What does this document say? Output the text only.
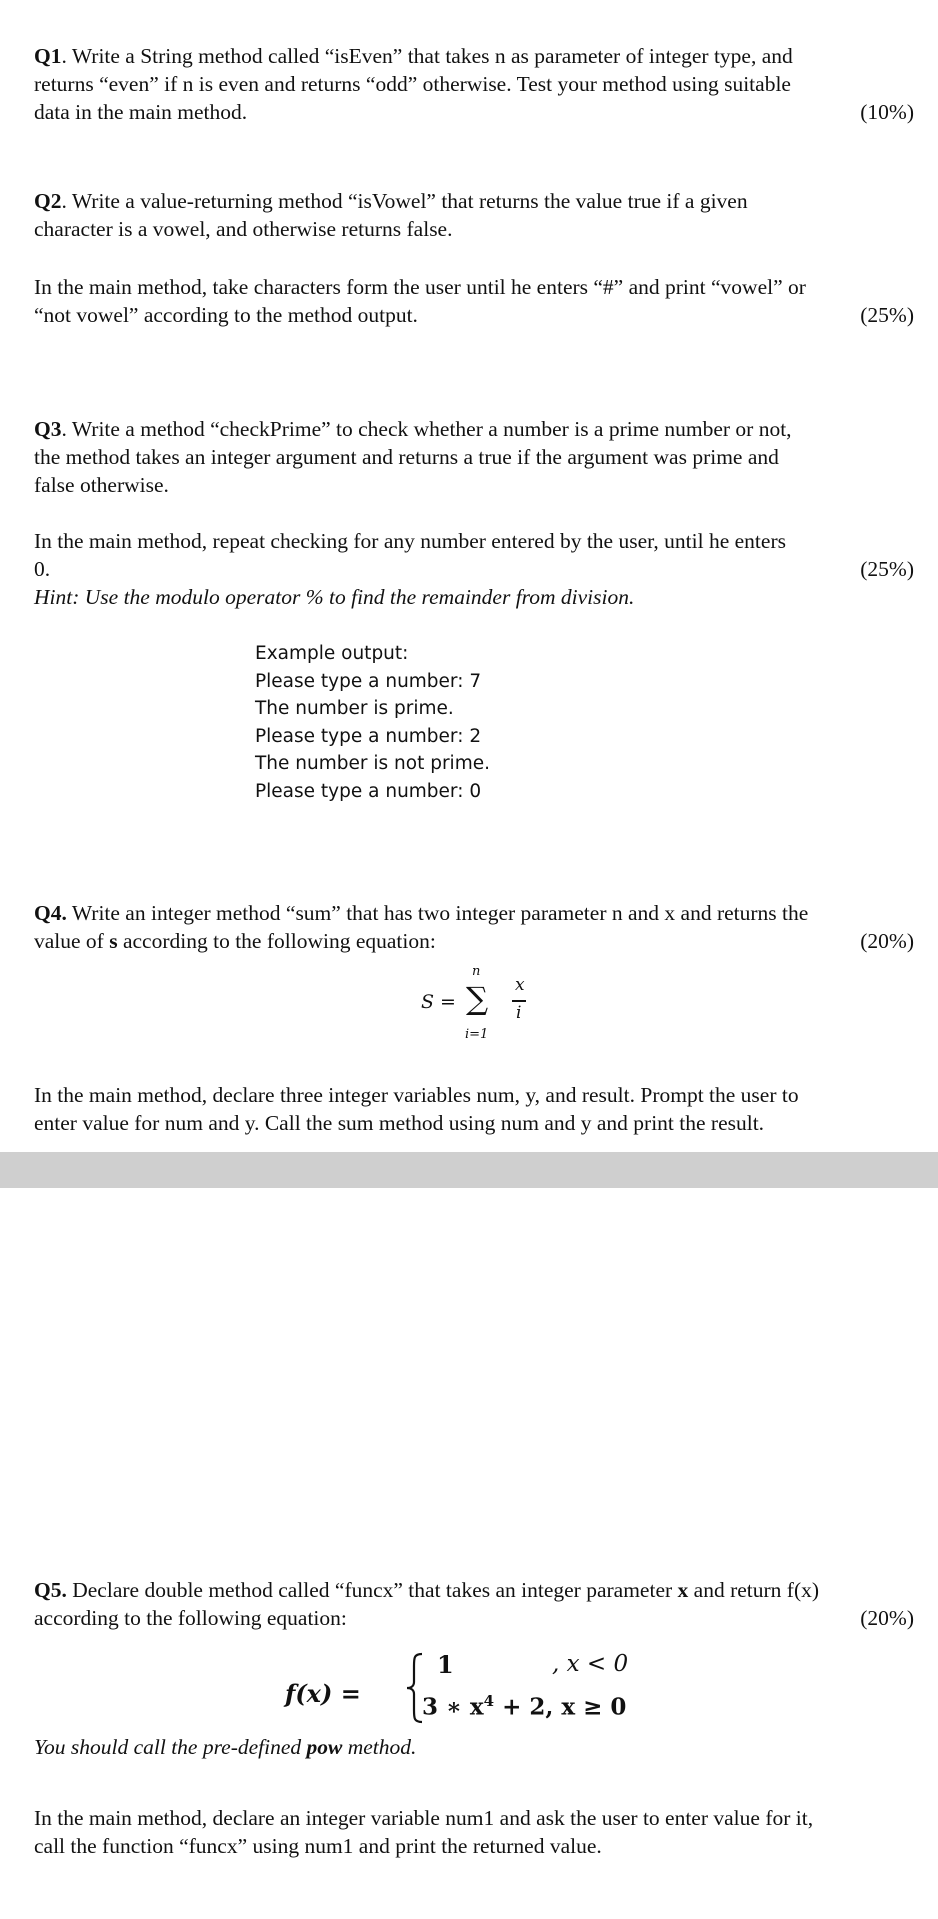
Q1. Write a String method called “isEven” that takes n as parameter of integer type, and
returns “even” if n is even and returns “odd” otherwise. Test your method using suitable
data in the main method.	(10%)
Q2. Write a value-returning method “isVowel” that returns the value true if a given
character is a vowel, and otherwise returns false.
In the main method, take characters form the user until he enters “#” and print “vowel” or
“not vowel” according to the method output.	(25%)
Q3. Write a method “checkPrime” to check whether a number is a prime number or not,
the method takes an integer argument and returns a true if the argument was prime and
false otherwise.
In the main method, repeat checking for any number entered by the user, until he enters
0.	(25%)
Hint: Use the modulo operator % to find the remainder from division.
Example output:
Please type a number: 7
The number is prime.
Please type a number: 2
The number is not prime.
Please type a number: 0
Q4. Write an integer method “sum” that has two integer parameter n and x and returns the
value of s according to the following equation:	(20%)
S =
n
∑
i=1
x
i
In the main method, declare three integer variables num, y, and result. Prompt the user to
enter value for num and y. Call the sum method using num and y and print the result.
Q5. Declare double method called “funcx” that takes an integer parameter x and return f(x)
according to the following equation:	(20%)
f(x) =
1	, x < 0
3 ∗ $x^4 + 2$, x ≥ 0
You should call the pre-defined pow method.
In the main method, declare an integer variable num1 and ask the user to enter value for it,
call the function “funcx” using num1 and print the returned value.
